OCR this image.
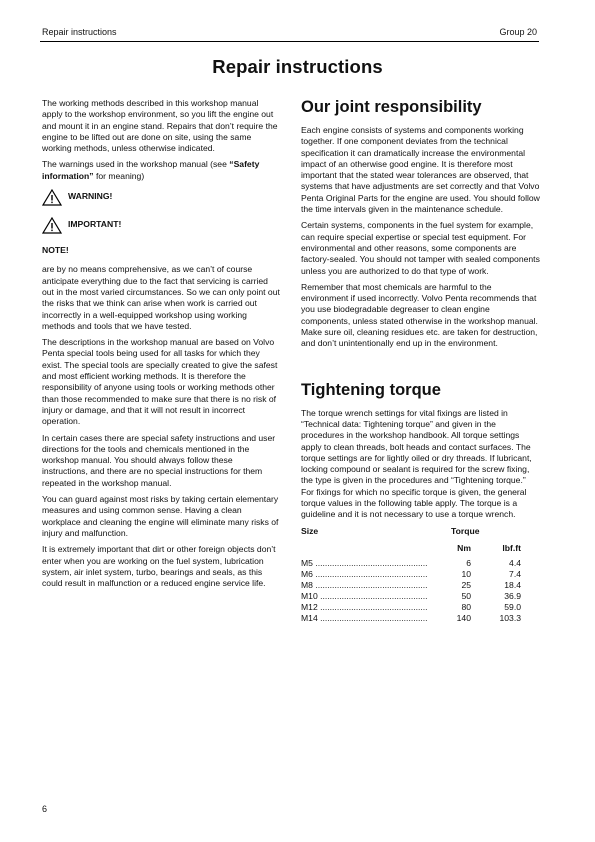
Repair instructions	Group 20
Repair instructions

The working methods described in this workshop manual apply to the workshop environment, so you lift the engine out and mount it in an engine stand. Repairs that don’t require the engine to be lifted out are done on site, using the same working methods, unless otherwise indicated.

The warnings used in the workshop manual (see “Safety information” for meaning)

WARNING!
IMPORTANT!
NOTE!

are by no means comprehensive, as we can’t of course anticipate everything due to the fact that servicing is carried out in the most varied circumstances. So we can only point out the risks that we think can arise when work is carried out incorrectly in a well-equipped workshop using working methods and tools that we have tested.

The descriptions in the workshop manual are based on Volvo Penta special tools being used for all tasks for which they exist. The special tools are specially created to give the safest and most efficient working methods. It is therefore the responsibility of anyone using tools or working methods other than those recommended to make sure that there is no risk of injury or damage, and that it will not result in incorrect operation.

In certain cases there are special safety instructions and user directions for the tools and chemicals mentioned in the workshop manual. You should always follow these instructions, and there are no special instructions for them repeated in the workshop manual.

You can guard against most risks by taking certain elementary measures and using common sense. Having a clean workplace and cleaning the engine will eliminate many risks of injury and malfunction.

It is extremely important that dirt or other foreign objects don’t enter when you are working on the fuel system, lubrication system, air inlet system, turbo, bearings and seals, as this could result in malfunction or a reduced engine service life.

Our joint responsibility

Each engine consists of systems and components working together. If one component deviates from the technical specification it can dramatically increase the environmental impact of an otherwise good engine. It is therefore most important that the stated wear tolerances are observed, that systems that have adjustments are set correctly and that Volvo Penta Original Parts for the engine are used. You should follow the time intervals given in the maintenance schedule.

Certain systems, components in the fuel system for example, can require special expertise or special test equipment. For environmental and other reasons, some components are factory-sealed. You should not tamper with sealed components unless you are authorized to do that type of work.

Remember that most chemicals are harmful to the environment if used incorrectly. Volvo Penta recommends that you use biodegradable degreaser to clean engine components, unless stated otherwise in the workshop manual. Make sure oil, cleaning residues etc. are taken for destruction, and don’t unintentionally end up in the environment.

Tightening torque

The torque wrench settings for vital fixings are listed in “Technical data: Tightening torque” and given in the procedures in the workshop handbook. All torque settings apply to clean threads, bolt heads and contact surfaces. The torque settings are for lightly oiled or dry threads. If lubricant, locking compound or sealant is required for the screw fixing, the type is given in the procedures and “Tightening torque.” For fixings for which no specific torque is given, the general torque values in the following table apply. The torque is a guideline and it is not necessary to use a torque wrench.

Size	Torque	

	Nm	lbf.ft

M5 ...............................................	6	4.4
M6 ...............................................	10	7.4
M8 ...............................................	25	18.4
M10 .............................................	50	36.9
M12 .............................................	80	59.0
M14 .............................................	140	103.3
6
